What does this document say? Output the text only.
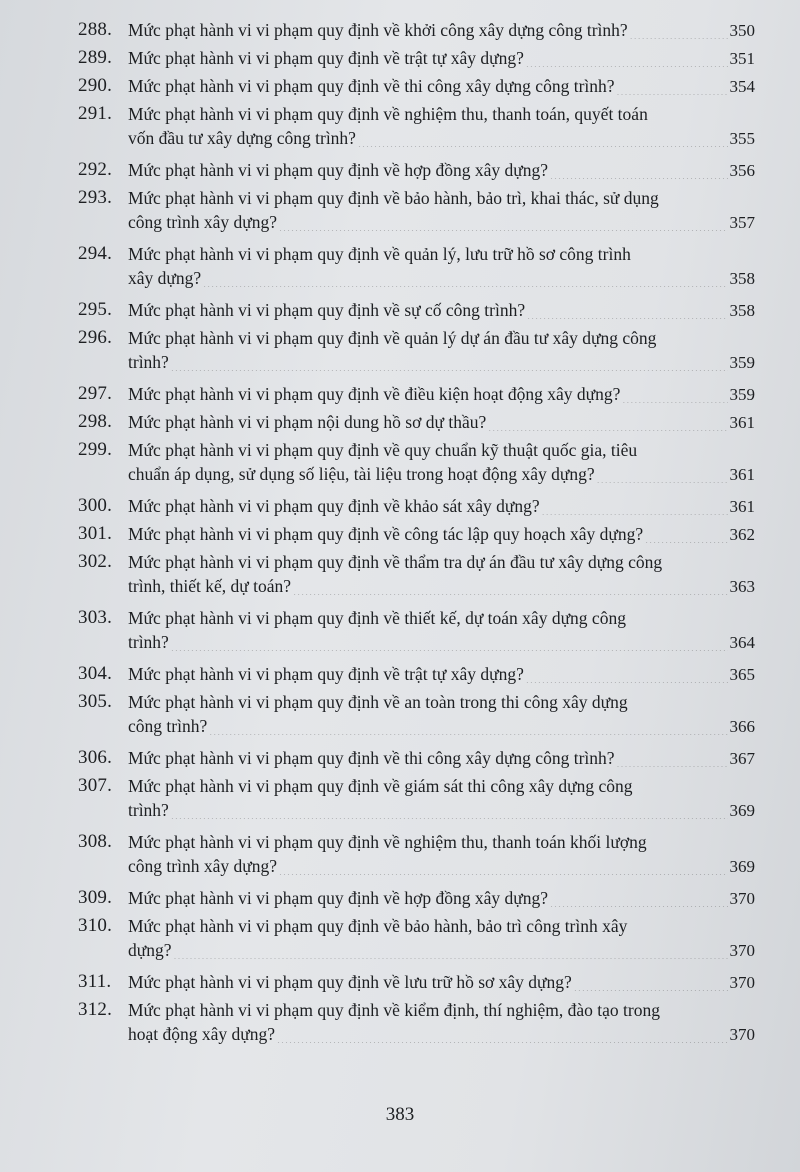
288. Mức phạt hành vi vi phạm quy định về khởi công xây dựng công trình? .....	350
289. Mức phạt hành vi vi phạm quy định về trật tự xây dựng? .....	351
290. Mức phạt hành vi vi phạm quy định về thi công xây dựng công trình? .....	354
291. Mức phạt hành vi vi phạm quy định về nghiệm thu, thanh toán, quyết toán
vốn đầu tư xây dựng công trình? .....	355
292. Mức phạt hành vi vi phạm quy định về hợp đồng xây dựng? .....	356
293. Mức phạt hành vi vi phạm quy định về bảo hành, bảo trì, khai thác, sử dụng
công trình xây dựng? .....	357
294. Mức phạt hành vi vi phạm quy định về quản lý, lưu trữ hồ sơ công trình
xây dựng? .....	358
295. Mức phạt hành vi vi phạm quy định về sự cố công trình? .....	358
296. Mức phạt hành vi vi phạm quy định về quản lý dự án đầu tư xây dựng công
trình? .....	359
297. Mức phạt hành vi vi phạm quy định về điều kiện hoạt động xây dựng? .....	359
298. Mức phạt hành vi vi phạm nội dung hồ sơ dự thầu? .....	361
299. Mức phạt hành vi vi phạm quy định về quy chuẩn kỹ thuật quốc gia, tiêu
chuẩn áp dụng, sử dụng số liệu, tài liệu trong hoạt động xây dựng? .....	361
300. Mức phạt hành vi vi phạm quy định về khảo sát xây dựng? .....	361
301. Mức phạt hành vi vi phạm quy định về công tác lập quy hoạch xây dựng? .....	362
302. Mức phạt hành vi vi phạm quy định về thẩm tra dự án đầu tư xây dựng công
trình, thiết kế, dự toán? .....	363
303. Mức phạt hành vi vi phạm quy định về thiết kế, dự toán xây dựng công
trình? .....	364
304. Mức phạt hành vi vi phạm quy định về trật tự xây dựng? .....	365
305. Mức phạt hành vi vi phạm quy định về an toàn trong thi công xây dựng
công trình? .....	366
306. Mức phạt hành vi vi phạm quy định về thi công xây dựng công trình? .....	367
307. Mức phạt hành vi vi phạm quy định về giám sát thi công xây dựng công
trình? .....	369
308. Mức phạt hành vi vi phạm quy định về nghiệm thu, thanh toán khối lượng
công trình xây dựng? .....	369
309. Mức phạt hành vi vi phạm quy định về hợp đồng xây dựng? .....	370
310. Mức phạt hành vi vi phạm quy định về bảo hành, bảo trì công trình xây
dựng? .....	370
311. Mức phạt hành vi vi phạm quy định về lưu trữ hồ sơ xây dựng? .....	370
312. Mức phạt hành vi vi phạm quy định về kiểm định, thí nghiệm, đào tạo trong
hoạt động xây dựng? .....	370
383
